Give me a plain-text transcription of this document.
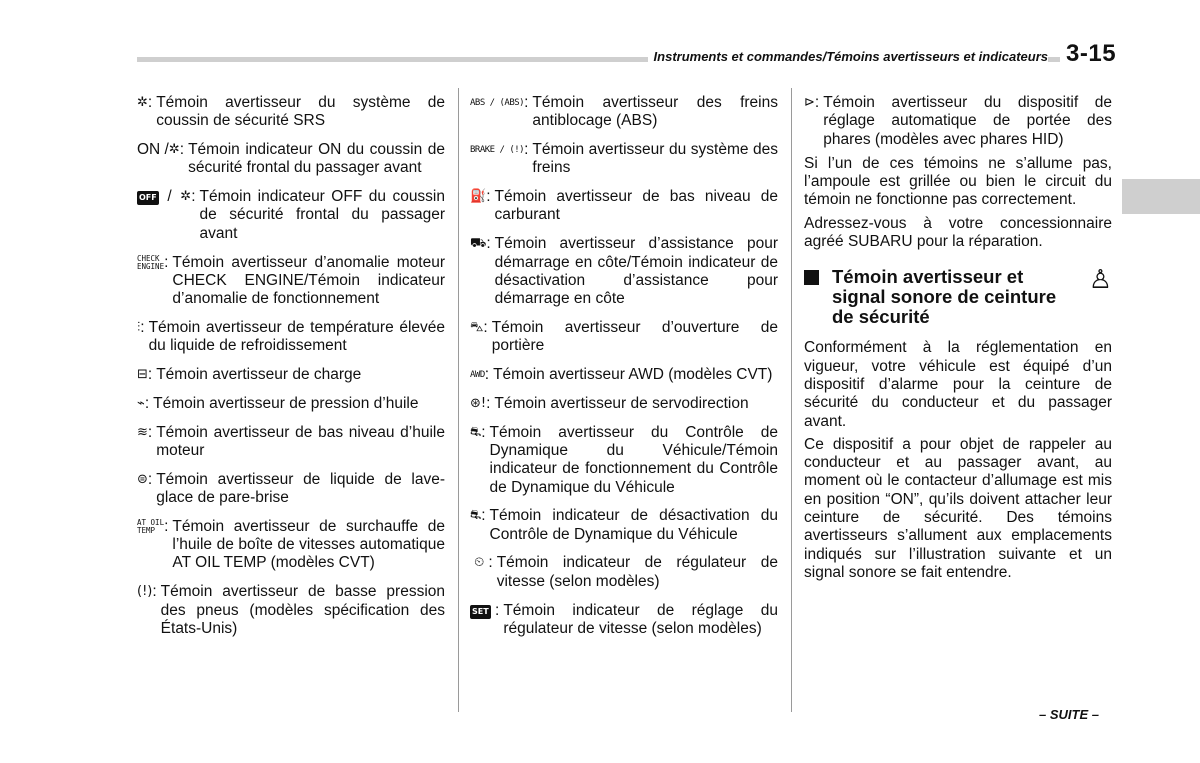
Instruments et commandes/Témoins avertisseurs et indicateurs 3-15
✲ : Témoin avertisseur du système de coussin de sécurité SRS
ON / ✲ : Témoin indicateur ON du coussin de sécurité frontal du passager avant
OFF / ✲ : Témoin indicateur OFF du coussin de sécurité frontal du passager avant
CHECK
ENGINE : Témoin avertisseur d’anomalie moteur CHECK ENGINE/Témoin indicateur d’anomalie de fonctionnement
⫶ : Témoin avertisseur de température élevée du liquide de refroidissement
⊟ : Témoin avertisseur de charge
⌁ : Témoin avertisseur de pression d’huile
≋ : Témoin avertisseur de bas niveau d’huile moteur
⊜ : Témoin avertisseur de liquide de lave-glace de pare-brise
AT OIL
TEMP : Témoin avertisseur de surchauffe de l’huile de boîte de vitesses automatique AT OIL TEMP (modèles CVT)
(!) : Témoin avertisseur de basse pression des pneus (modèles spécification des États-Unis)
ABS / (ABS) : Témoin avertisseur des freins antiblocage (ABS)
BRAKE / (!) : Témoin avertisseur du système des freins
⛽ : Témoin avertisseur de bas niveau de carburant
⛟ : Témoin avertisseur d’assistance pour démarrage en côte/Témoin indicateur de désactivation d’assistance pour démarrage en côte
⛍ : Témoin avertisseur d’ouverture de portière
AWD : Témoin avertisseur AWD (modèles CVT)
⊛! : Témoin avertisseur de servodirection
⛐ : Témoin avertisseur du Contrôle de Dynamique du Véhicule/Témoin indicateur de fonctionnement du Contrôle de Dynamique du Véhicule
⛐ : Témoin indicateur de désactivation du Contrôle de Dynamique du Véhicule
⏲ : Témoin indicateur de régulateur de vitesse (selon modèles)
SET : Témoin indicateur de réglage du régulateur de vitesse (selon modèles)
⊳ : Témoin avertisseur du dispositif de réglage automatique de portée des phares (modèles avec phares HID)

Si l’un de ces témoins ne s’allume pas, l’ampoule est grillée ou bien le circuit du témoin ne fonctionne pas correctement.

Adressez-vous à votre concessionnaire agréé SUBARU pour la réparation.

Témoin avertisseur et signal sonore de ceinture de sécurité
♙

Conformément à la réglementation en vigueur, votre véhicule est équipé d’un dispositif d’alarme pour la ceinture de sécurité du conducteur et du passager avant.

Ce dispositif a pour objet de rappeler au conducteur et au passager avant, au moment où le contacteur d’allumage est mis en position “ON”, qu’ils doivent attacher leur ceinture de sécurité. Des témoins avertisseurs s’allument aux emplacements indiqués sur l’illustration suivante et un signal sonore se fait entendre.

– SUITE –
